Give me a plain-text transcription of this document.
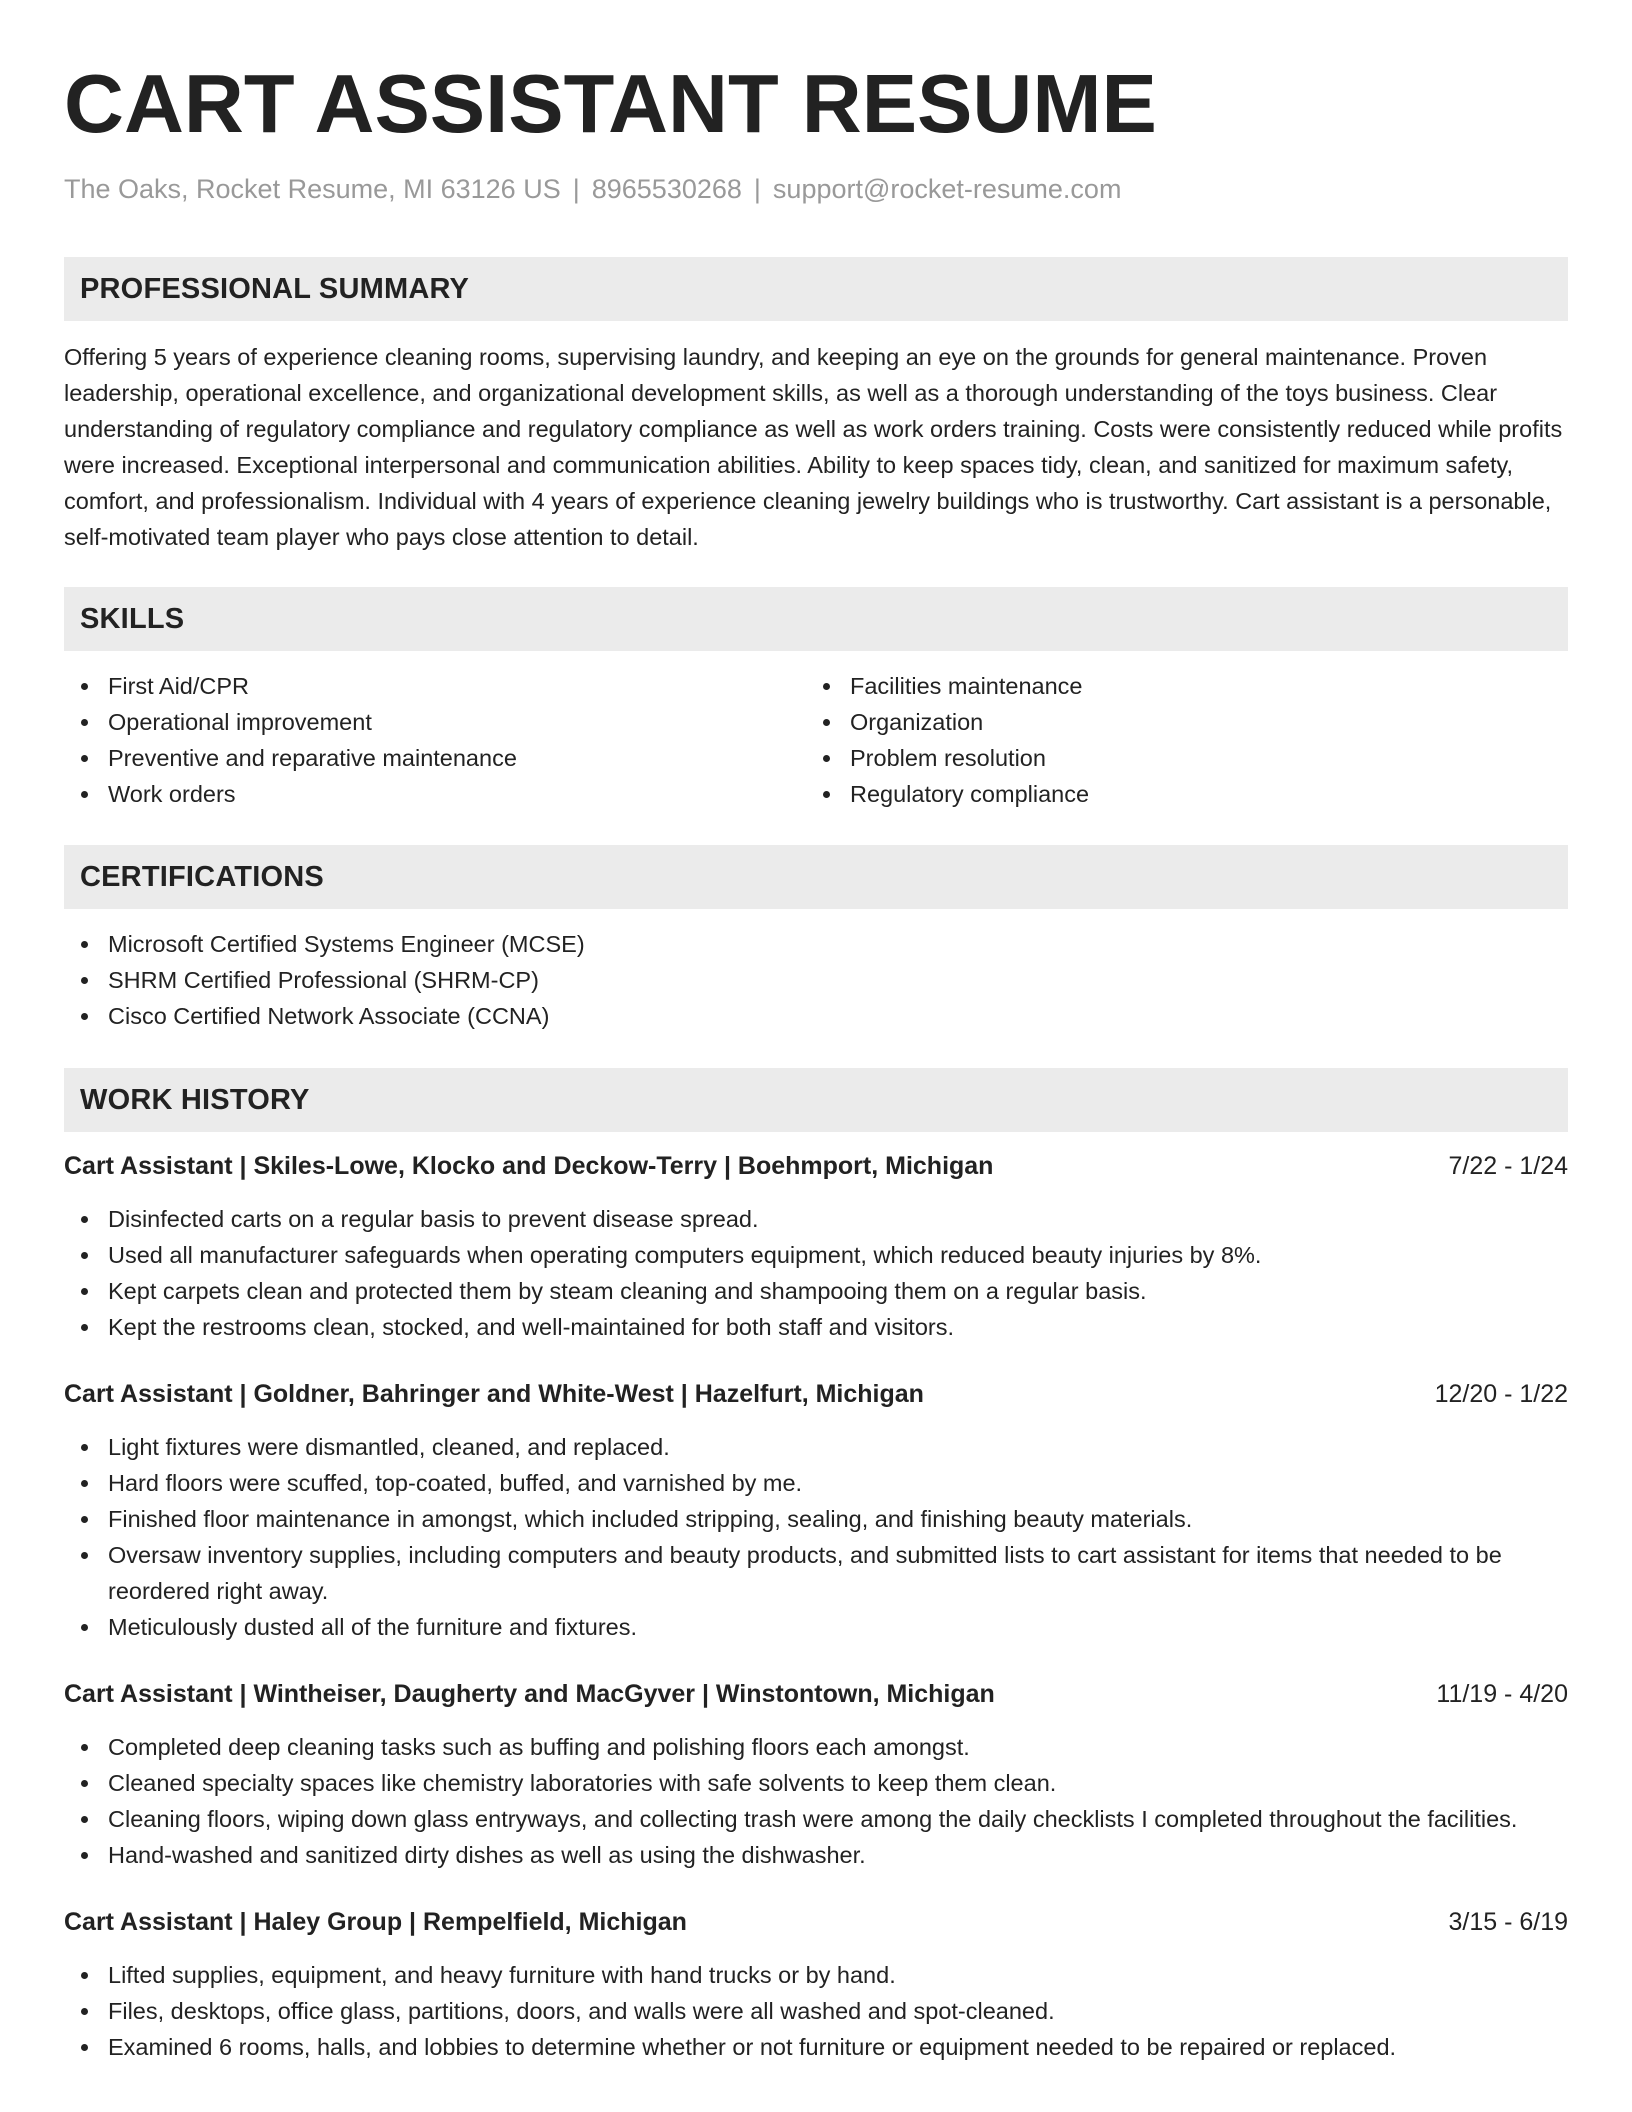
CART ASSISTANT RESUME
The Oaks, Rocket Resume, MI 63126 US | 8965530268 | support@rocket-resume.com
PROFESSIONAL SUMMARY

Offering 5 years of experience cleaning rooms, supervising laundry, and keeping an eye on the grounds for general maintenance. Proven leadership, operational excellence, and organizational development skills, as well as a thorough understanding of the toys business. Clear understanding of regulatory compliance and regulatory compliance as well as work orders training. Costs were consistently reduced while profits were increased. Exceptional interpersonal and communication abilities. Ability to keep spaces tidy, clean, and sanitized for maximum safety, comfort, and professionalism. Individual with 4 years of experience cleaning jewelry buildings who is trustworthy. Cart assistant is a personable, self-motivated team player who pays close attention to detail.

SKILLS
First Aid/CPR
Operational improvement
Preventive and reparative maintenance
Work orders
Facilities maintenance
Organization
Problem resolution
Regulatory compliance
CERTIFICATIONS
Microsoft Certified Systems Engineer (MCSE)
SHRM Certified Professional (SHRM-CP)
Cisco Certified Network Associate (CCNA)
WORK HISTORY
Cart Assistant | Skiles-Lowe, Klocko and Deckow-Terry | Boehmport, Michigan	7/22 - 1/24
Disinfected carts on a regular basis to prevent disease spread.
Used all manufacturer safeguards when operating computers equipment, which reduced beauty injuries by 8%.
Kept carpets clean and protected them by steam cleaning and shampooing them on a regular basis.
Kept the restrooms clean, stocked, and well-maintained for both staff and visitors.
Cart Assistant | Goldner, Bahringer and White-West | Hazelfurt, Michigan	12/20 - 1/22
Light fixtures were dismantled, cleaned, and replaced.
Hard floors were scuffed, top-coated, buffed, and varnished by me.
Finished floor maintenance in amongst, which included stripping, sealing, and finishing beauty materials.
Oversaw inventory supplies, including computers and beauty products, and submitted lists to cart assistant for items that needed to be reordered right away.
Meticulously dusted all of the furniture and fixtures.
Cart Assistant | Wintheiser, Daugherty and MacGyver | Winstontown, Michigan	11/19 - 4/20
Completed deep cleaning tasks such as buffing and polishing floors each amongst.
Cleaned specialty spaces like chemistry laboratories with safe solvents to keep them clean.
Cleaning floors, wiping down glass entryways, and collecting trash were among the daily checklists I completed throughout the facilities.
Hand-washed and sanitized dirty dishes as well as using the dishwasher.
Cart Assistant | Haley Group | Rempelfield, Michigan	3/15 - 6/19
Lifted supplies, equipment, and heavy furniture with hand trucks or by hand.
Files, desktops, office glass, partitions, doors, and walls were all washed and spot-cleaned.
Examined 6 rooms, halls, and lobbies to determine whether or not furniture or equipment needed to be repaired or replaced.
